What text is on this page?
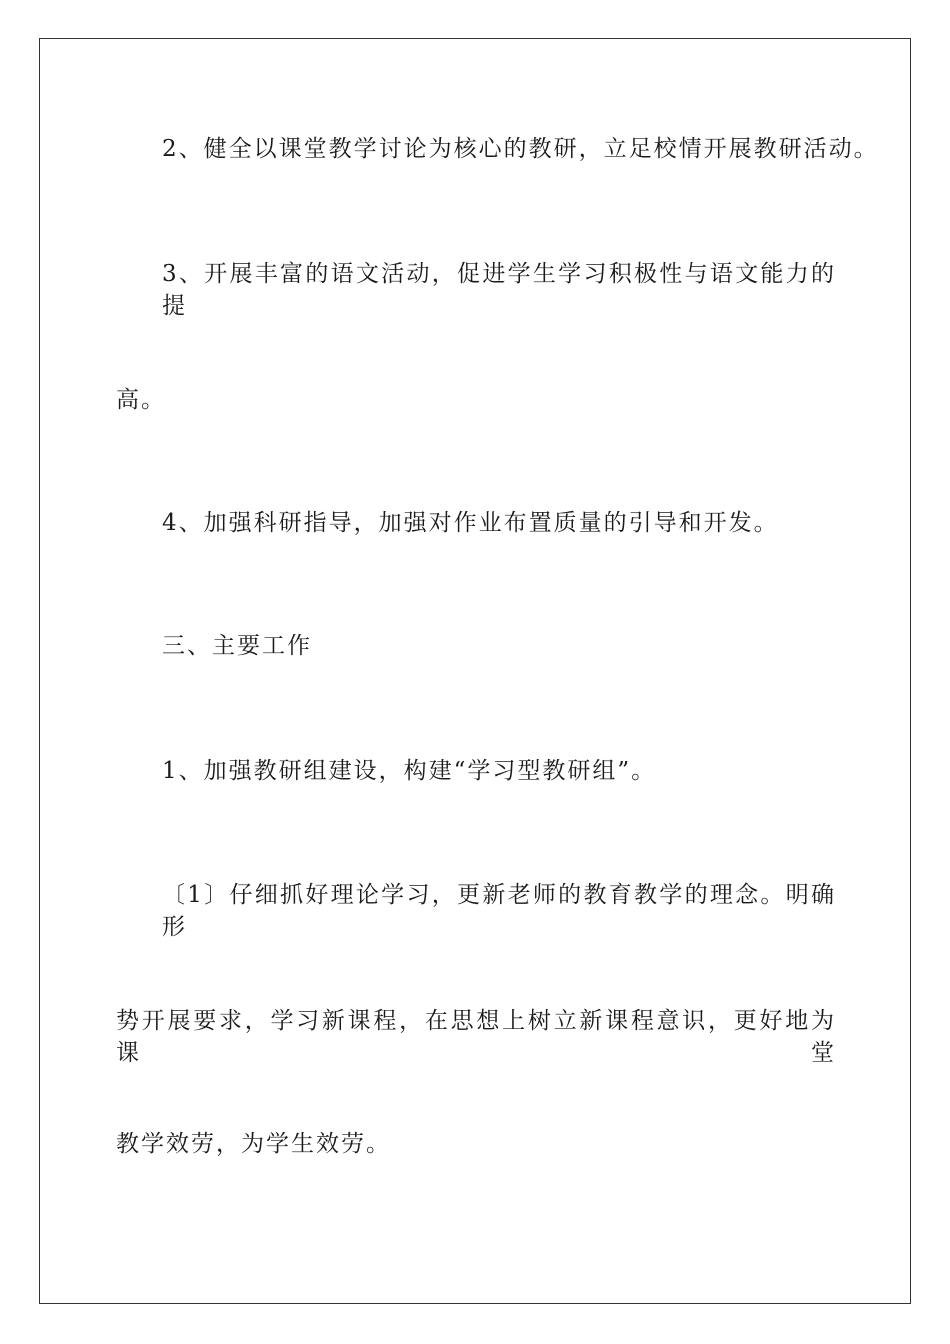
2、健全以课堂教学讨论为核心的教研，立足校情开展教研活动。
3、开展丰富的语文活动，促进学生学习积极性与语文能力的提
高。
4、加强科研指导，加强对作业布置质量的引导和开发。
三、主要工作
1、加强教研组建设，构建“学习型教研组”。
〔1〕仔细抓好理论学习，更新老师的教育教学的理念。明确形
势开展要求，学习新课程，在思想上树立新课程意识，更好地为课堂
教学效劳，为学生效劳。
